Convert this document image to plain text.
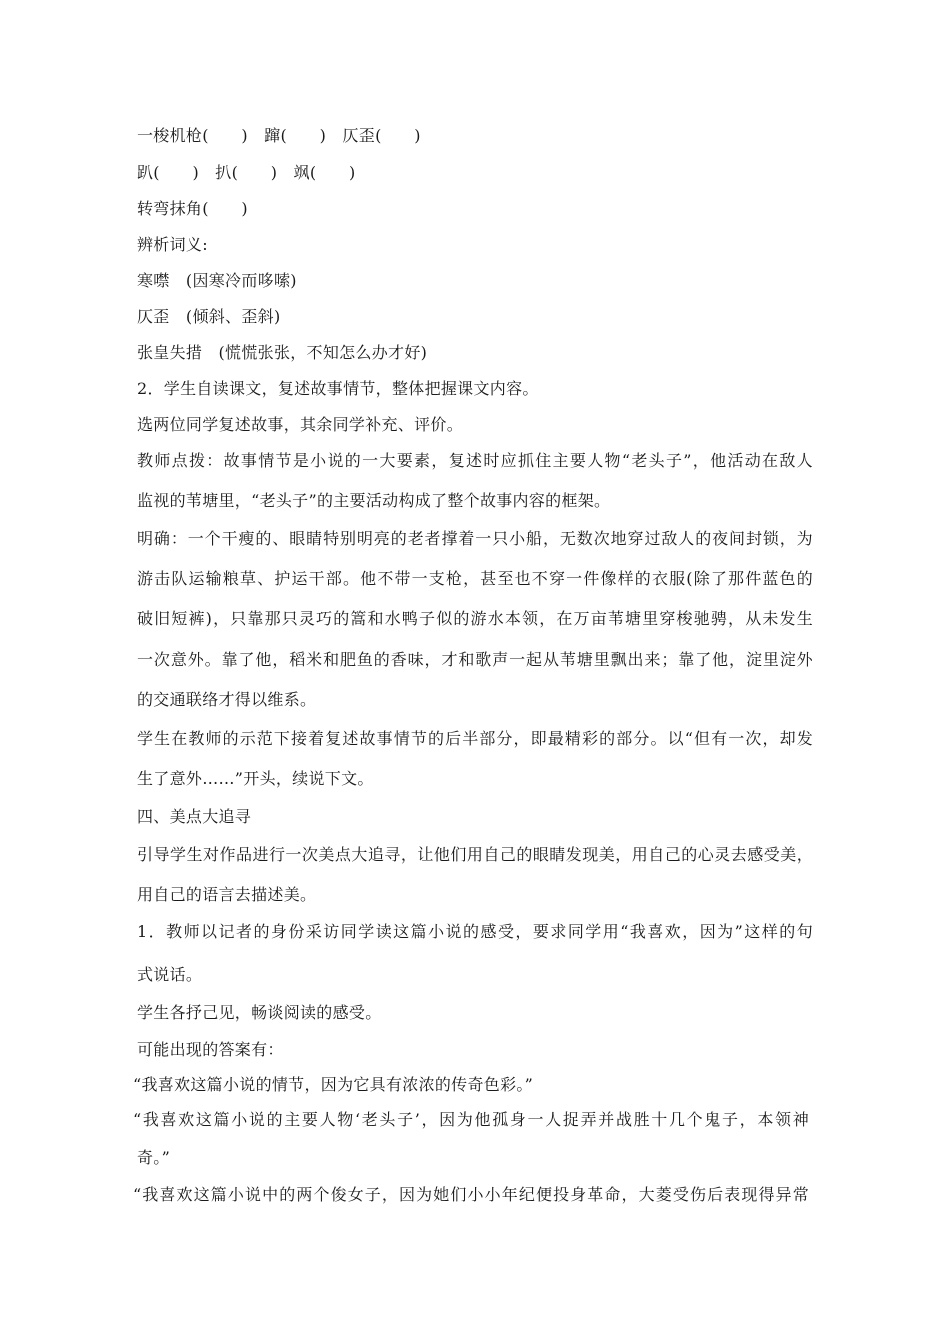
一梭机枪(　　)　蹿(　　)　仄歪(　　)
趴(　　)　扒(　　)　飒(　　)
转弯抹角(　　)
辨析词义:
寒噤　(因寒冷而哆嗦)
仄歪　(倾斜、歪斜)
张皇失措　(慌慌张张，不知怎么办才好)
2．学生自读课文，复述故事情节，整体把握课文内容。
选两位同学复述故事，其余同学补充、评价。
教师点拨：故事情节是小说的一大要素，复述时应抓住主要人物“老头子”，他活动在敌人
监视的苇塘里，“老头子”的主要活动构成了整个故事内容的框架。
明确：一个干瘦的、眼睛特别明亮的老者撑着一只小船，无数次地穿过敌人的夜间封锁，为
游击队运输粮草、护运干部。他不带一支枪，甚至也不穿一件像样的衣服(除了那件蓝色的
破旧短裤)，只靠那只灵巧的篙和水鸭子似的游水本领，在万亩苇塘里穿梭驰骋，从未发生
一次意外。靠了他，稻米和肥鱼的香味，才和歌声一起从苇塘里飘出来；靠了他，淀里淀外
的交通联络才得以维系。
学生在教师的示范下接着复述故事情节的后半部分，即最精彩的部分。以“但有一次，却发
生了意外……”开头，续说下文。
四、美点大追寻
引导学生对作品进行一次美点大追寻，让他们用自己的眼睛发现美，用自己的心灵去感受美，
用自己的语言去描述美。
1．教师以记者的身份采访同学读这篇小说的感受，要求同学用“我喜欢，因为”这样的句
式说话。
学生各抒己见，畅谈阅读的感受。
可能出现的答案有：
“我喜欢这篇小说的情节，因为它具有浓浓的传奇色彩。”
“我喜欢这篇小说的主要人物‘老头子’，因为他孤身一人捉弄并战胜十几个鬼子，本领神
奇。”
“我喜欢这篇小说中的两个俊女子，因为她们小小年纪便投身革命，大菱受伤后表现得异常
